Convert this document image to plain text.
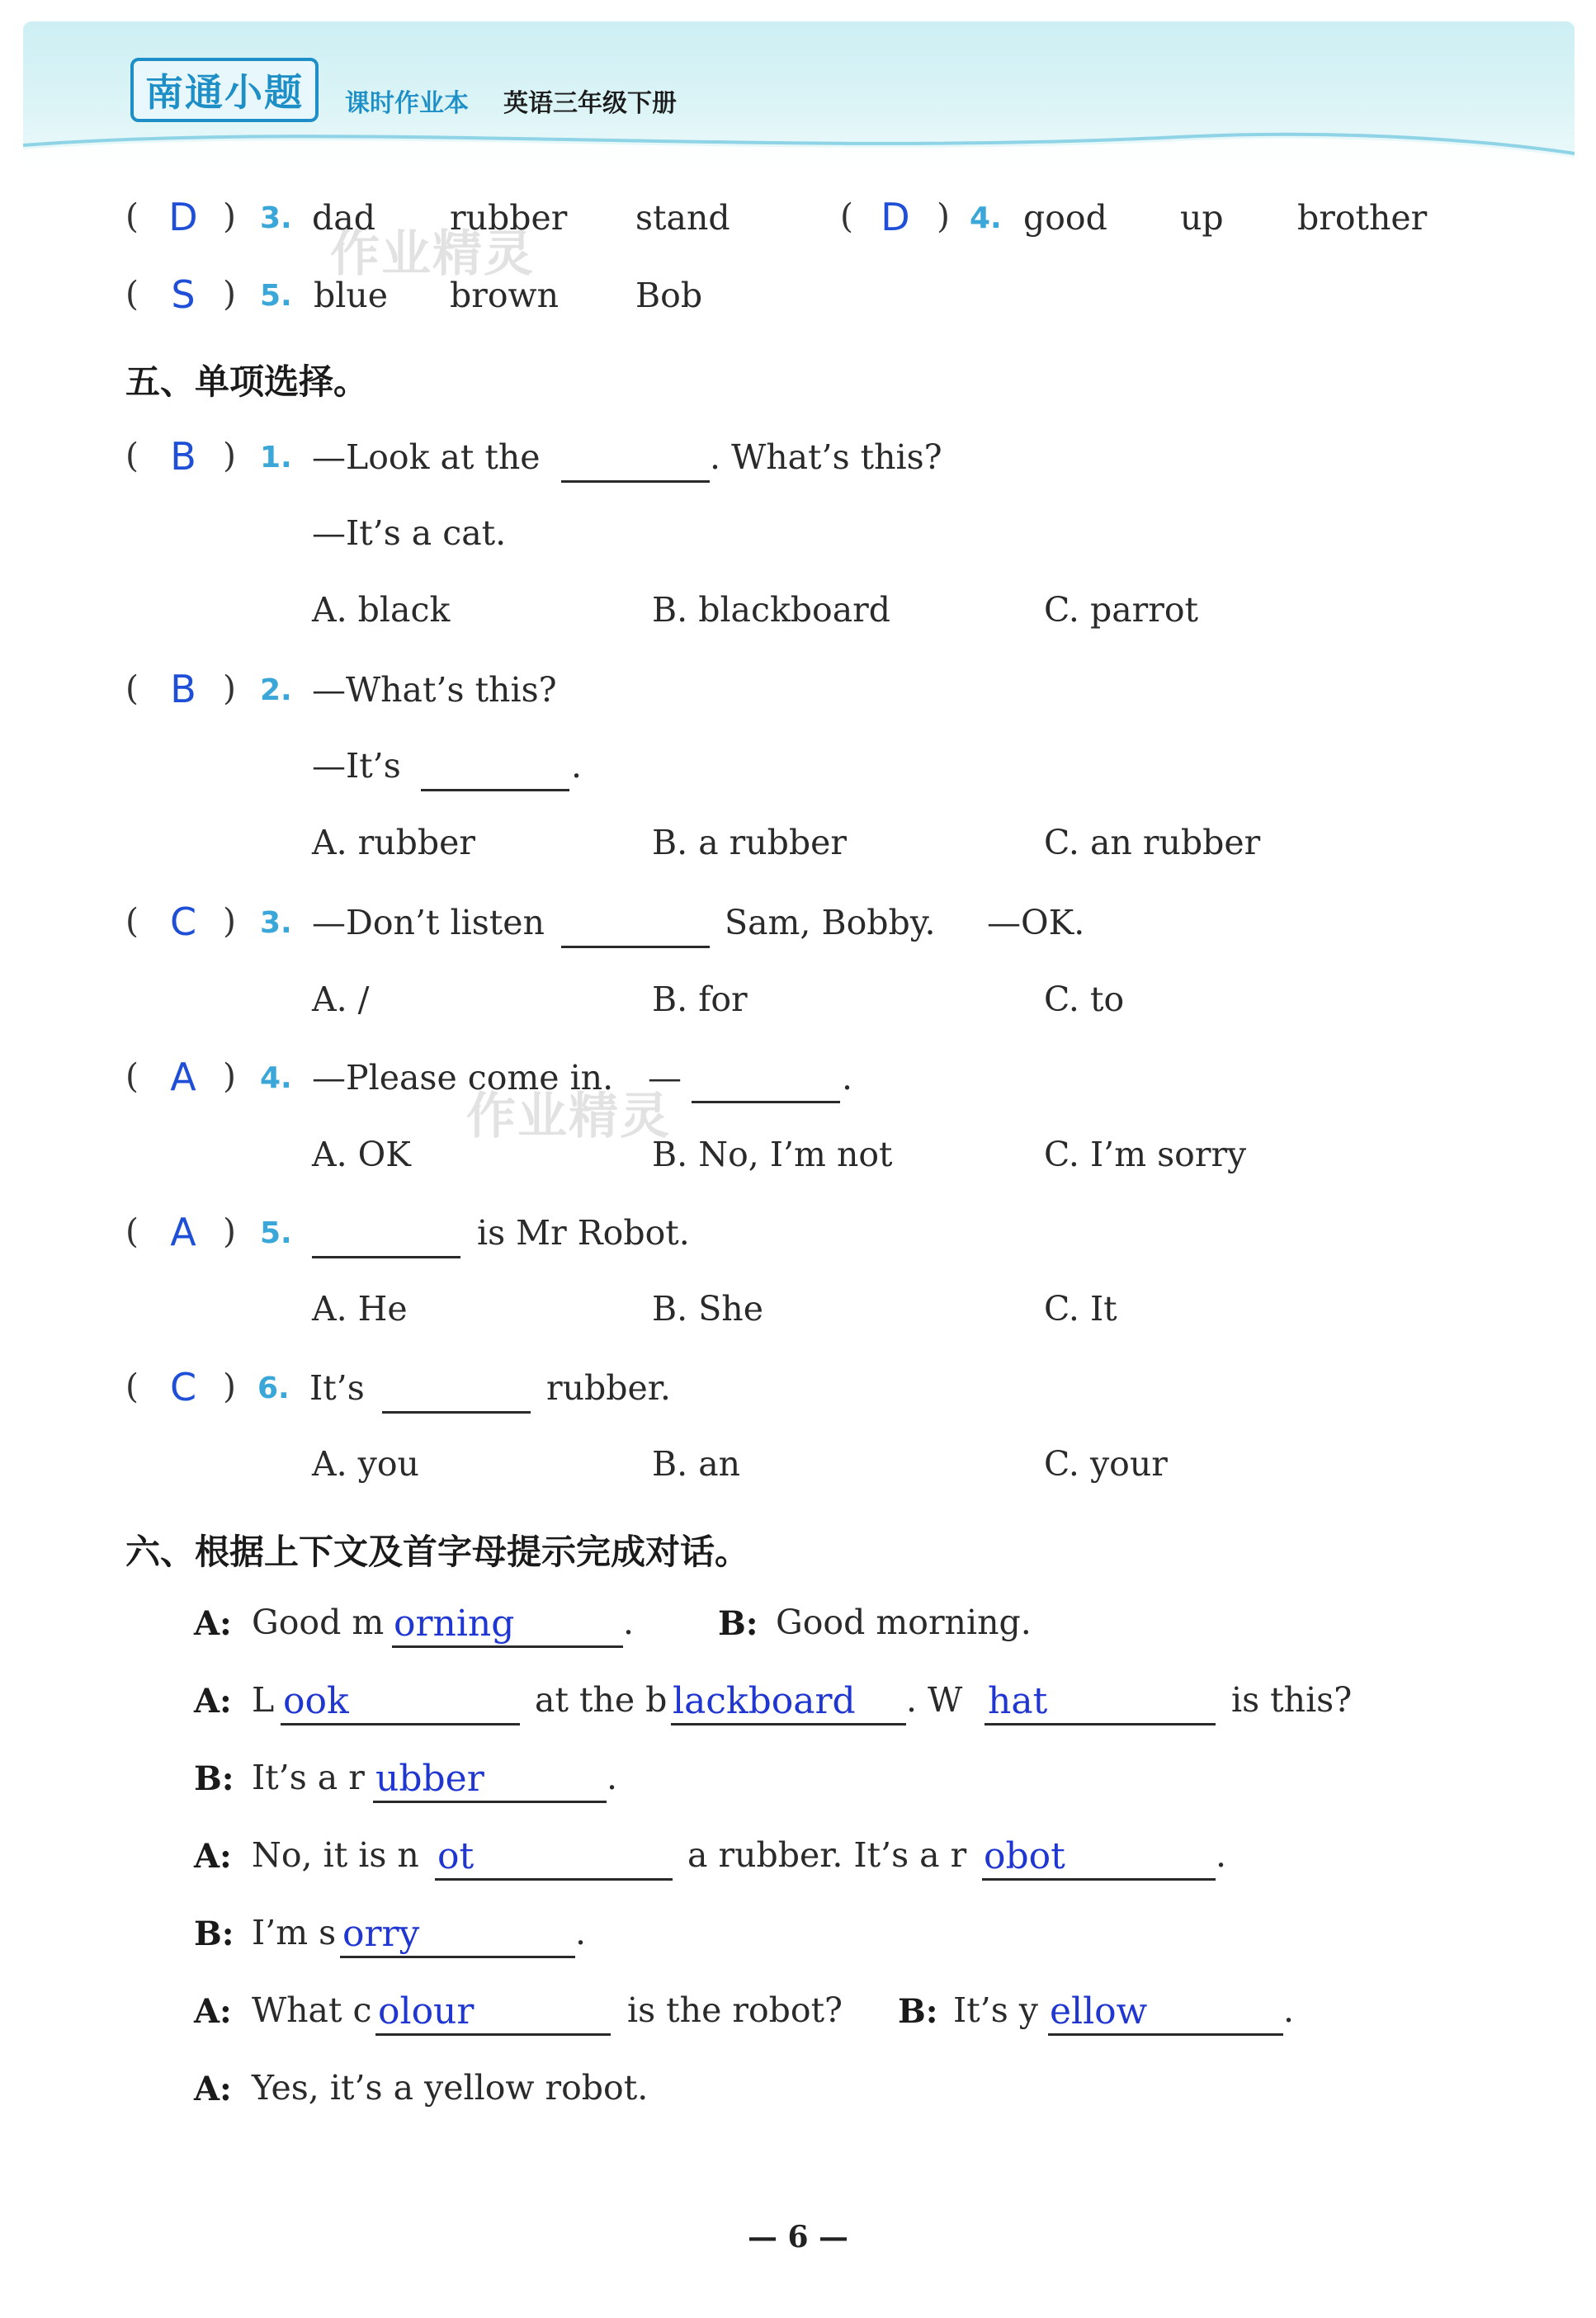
南通小题 课时作业本 英语三年级下册
作业精灵
作业精灵
( D ) 3. dad rubber stand	( D ) 4. good up brother
( S ) 5. blue brown Bob
五、单项选择。
( B ) 1. —Look at the	. What’s this?
—It’s a cat.
A. black	B. blackboard	C. parrot
( B ) 2. —What’s this?
—It’s	.
A. rubber	B. a rubber	C. an rubber
( C ) 3. —Don’t listen	Sam, Bobby. —OK.
A. /	B. for	C. to
( A ) 4. —Please come in. —	.
A. OK	B. No, I’m not	C. I’m sorry
( A ) 5.	is Mr Robot.
A. He	B. She	C. It
( C ) 6. It’s	rubber.
A. you	B. an	C. your
六、根据上下文及首字母提示完成对话。
A: Good m orning	.	B: Good morning.
A: L ook	at the b lackboard . W hat	is this?
B: It’s a r ubber	.
A: No, it is n ot	a rubber. It’s a r obot	.
B: I’m s orry	.
A: What c olour	is the robot? B: It’s y ellow	.
A: Yes, it’s a yellow robot.
— 6 —
